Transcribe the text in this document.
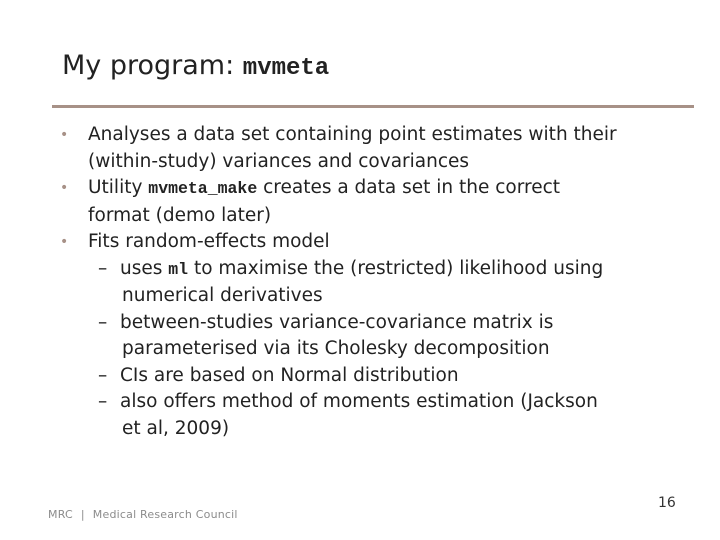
My program: mvmeta
• Analyses a data set containing point estimates with their
(within-study) variances and covariances
• Utility mvmeta_make creates a data set in the correct
format (demo later)
• Fits random-effects model
– uses ml to maximise the (restricted) likelihood using
numerical derivatives
– between-studies variance-covariance matrix is
parameterised via its Cholesky decomposition
– CIs are based on Normal distribution
– also offers method of moments estimation (Jackson
et al, 2009)
MRC | Medical Research Council
16
